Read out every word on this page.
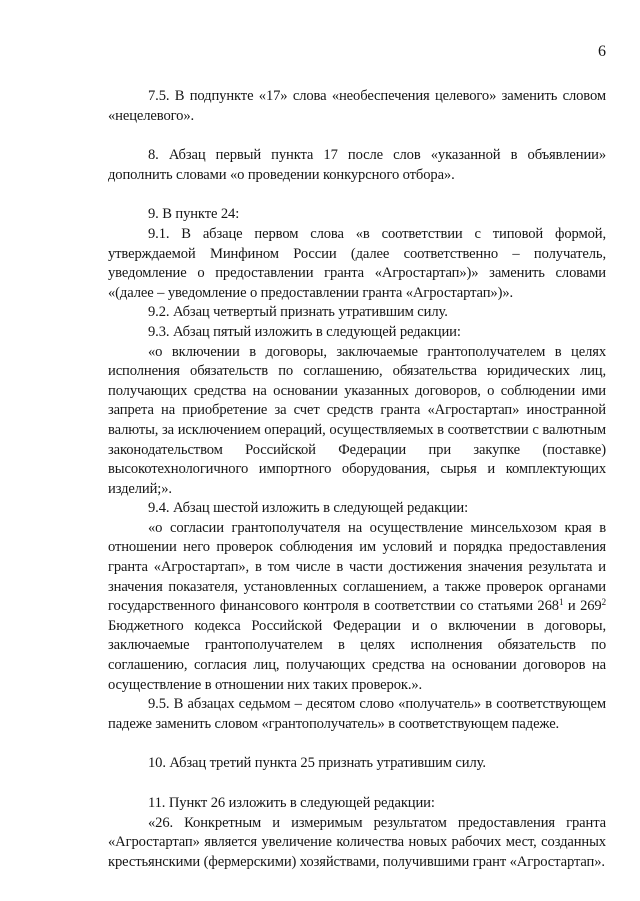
6

7.5. В подпункте «17» слова «необеспечения целевого» заменить словом «нецелевого».

8. Абзац первый пункта 17 после слов «указанной в объявлении» дополнить словами «о проведении конкурсного отбора».

9. В пункте 24:

9.1. В абзаце первом слова «в соответствии с типовой формой, утверждаемой Минфином России (далее соответственно – получатель, уведомление о предоставлении гранта «Агростартап»)» заменить словами «(далее – уведомление о предоставлении гранта «Агростартап»)».

9.2. Абзац четвертый признать утратившим силу.

9.3. Абзац пятый изложить в следующей редакции:

«о включении в договоры, заключаемые грантополучателем в целях исполнения обязательств по соглашению, обязательства юридических лиц, получающих средства на основании указанных договоров, о соблюдении ими запрета на приобретение за счет средств гранта «Агростартап» иностранной валюты, за исключением операций, осуществляемых в соответствии с валютным законодательством Российской Федерации при закупке (поставке) высокотехнологичного импортного оборудования, сырья и комплектующих изделий;».

9.4. Абзац шестой изложить в следующей редакции:

«о согласии грантополучателя на осуществление минсельхозом края в отношении него проверок соблюдения им условий и порядка предоставления гранта «Агростартап», в том числе в части достижения значения результата и значения показателя, установленных соглашением, а также проверок органами государственного финансового контроля в соответствии со статьями $268^1$ и $269^2$ Бюджетного кодекса Российской Федерации и о включении в договоры, заключаемые грантополучателем в целях исполнения обязательств по соглашению, согласия лиц, получающих средства на основании договоров на осуществление в отношении них таких проверок.».

9.5. В абзацах седьмом – десятом слово «получатель» в соответствующем падеже заменить словом «грантополучатель» в соответствующем падеже.

10. Абзац третий пункта 25 признать утратившим силу.

11. Пункт 26 изложить в следующей редакции:

«26. Конкретным и измеримым результатом предоставления гранта «Агростартап» является увеличение количества новых рабочих мест, созданных крестьянскими (фермерскими) хозяйствами, получившими грант «Агростартап».
